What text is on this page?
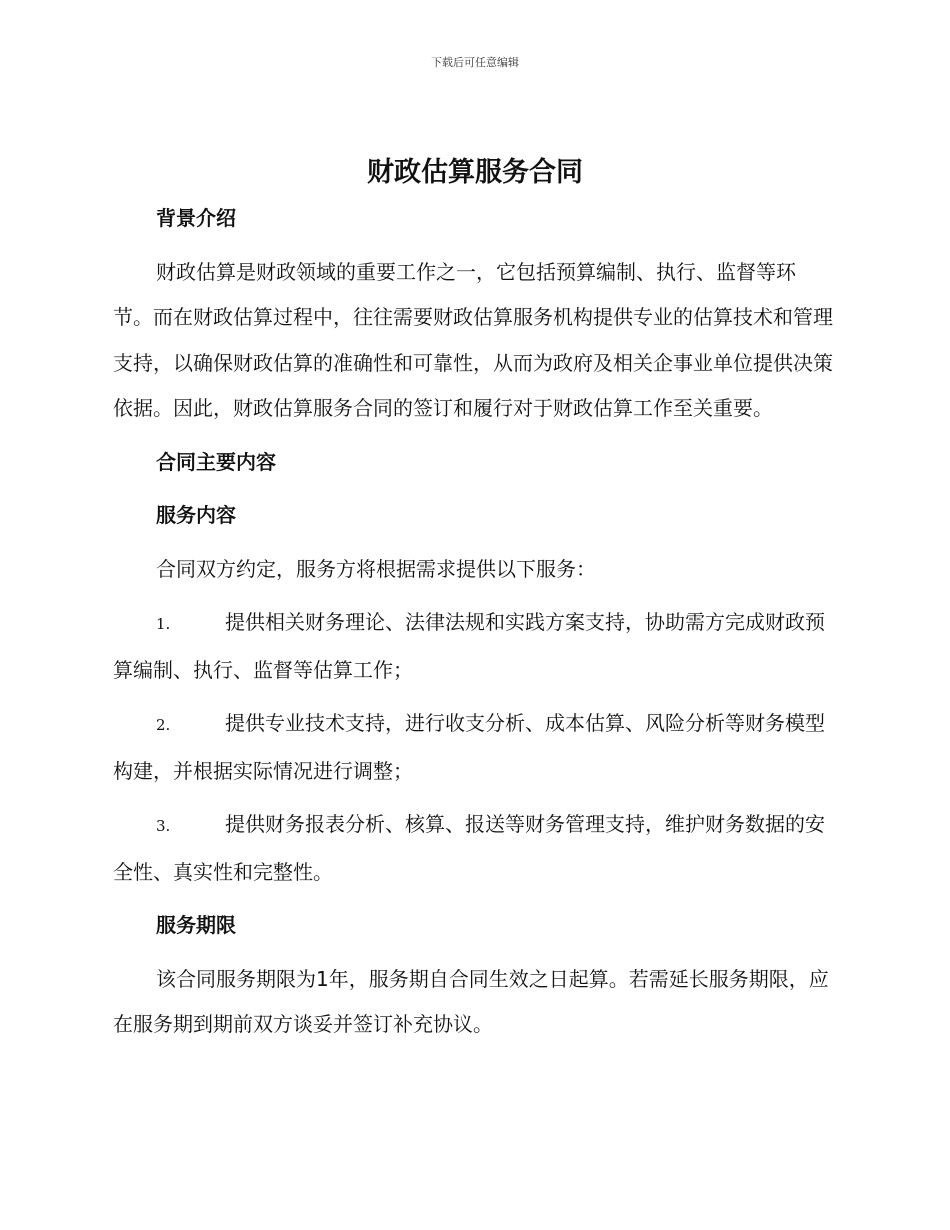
下载后可任意编辑
财政估算服务合同

背景介绍

财政估算是财政领域的重要工作之一，它包括预算编制、执行、监督等环节。而在财政估算过程中，往往需要财政估算服务机构提供专业的估算技术和管理支持，以确保财政估算的准确性和可靠性，从而为政府及相关企事业单位提供决策依据。因此，财政估算服务合同的签订和履行对于财政估算工作至关重要。

合同主要内容

服务内容

合同双方约定，服务方将根据需求提供以下服务：

1.	提供相关财务理论、法律法规和实践方案支持，协助需方完成财政预算编制、执行、监督等估算工作；

2.	提供专业技术支持，进行收支分析、成本估算、风险分析等财务模型构建，并根据实际情况进行调整；

3.	提供财务报表分析、核算、报送等财务管理支持，维护财务数据的安全性、真实性和完整性。

服务期限

该合同服务期限为1年，服务期自合同生效之日起算。若需延长服务期限，应在服务期到期前双方谈妥并签订补充协议。
